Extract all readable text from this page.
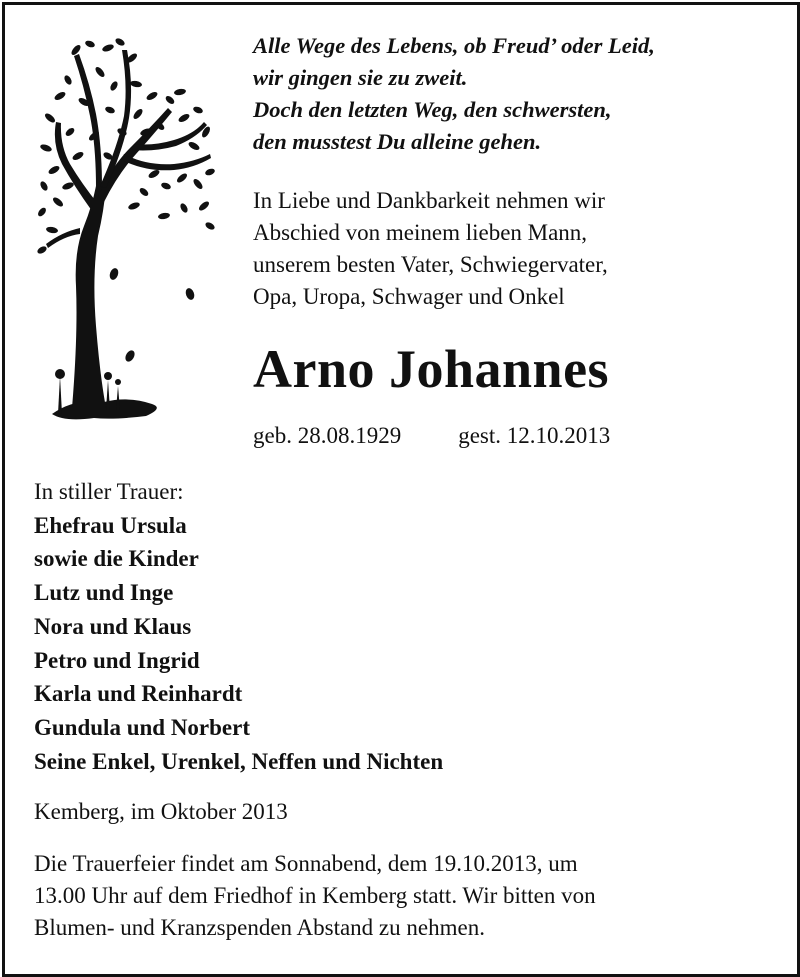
Alle Wege des Lebens, ob Freud’ oder Leid,
wir gingen sie zu zweit.
Doch den letzten Weg, den schwersten,
den musstest Du alleine gehen.
In Liebe und Dankbarkeit nehmen wir
Abschied von meinem lieben Mann,
unserem besten Vater, Schwiegervater,
Opa, Uropa, Schwager und Onkel
Arno Johannes
geb. 28.08.1929 gest. 12.10.2013
In stiller Trauer:
Ehefrau Ursula
sowie die Kinder
Lutz und Inge
Nora und Klaus
Petro und Ingrid
Karla und Reinhardt
Gundula und Norbert
Seine Enkel, Urenkel, Neffen und Nichten
Kemberg, im Oktober 2013
Die Trauerfeier findet am Sonnabend, dem 19.10.2013, um
13.00 Uhr auf dem Friedhof in Kemberg statt. Wir bitten von
Blumen- und Kranzspenden Abstand zu nehmen.
